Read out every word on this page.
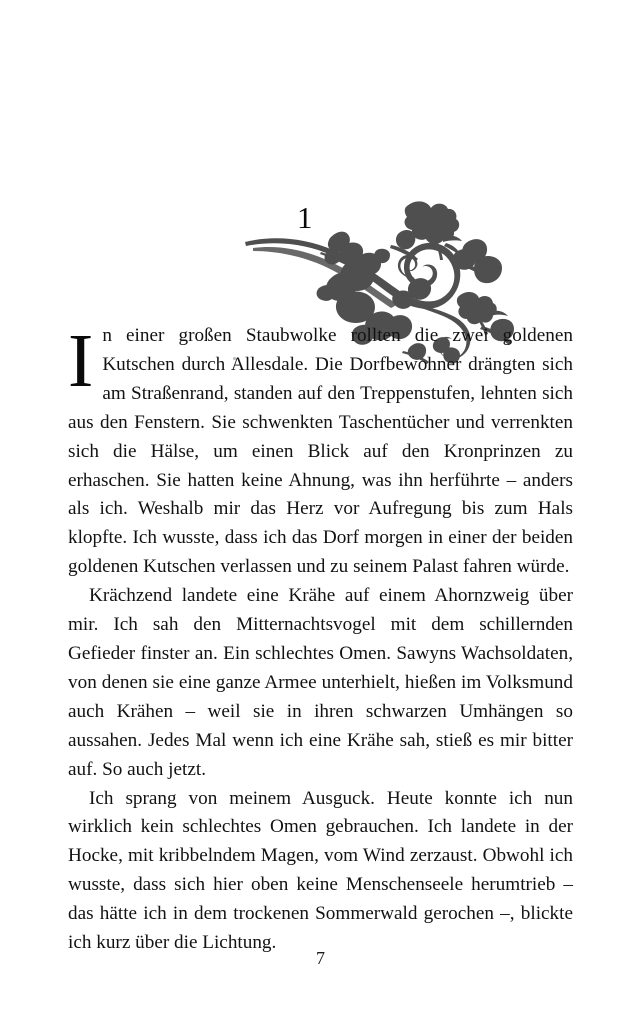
1

In einer großen Staubwolke rollten die zwei goldenen Kutschen durch Allesdale. Die Dorfbewohner drängten sich am Straßenrand, standen auf den Treppenstufen, lehnten sich aus den Fenstern. Sie schwenkten Taschentücher und verrenkten sich die Hälse, um einen Blick auf den Kronprinzen zu erhaschen. Sie hatten keine Ahnung, was ihn herführte – anders als ich. Weshalb mir das Herz vor Aufregung bis zum Hals klopfte. Ich wusste, dass ich das Dorf morgen in einer der beiden goldenen Kutschen verlassen und zu seinem Palast fahren würde.

Krächzend landete eine Krähe auf einem Ahornzweig über mir. Ich sah den Mitternachtsvogel mit dem schillernden Gefieder finster an. Ein schlechtes Omen. Sawyns Wachsoldaten, von denen sie eine ganze Armee unterhielt, hießen im Volksmund auch Krähen – weil sie in ihren schwarzen Umhängen so aussahen. Jedes Mal wenn ich eine Krähe sah, stieß es mir bitter auf. So auch jetzt.

Ich sprang von meinem Ausguck. Heute konnte ich nun wirklich kein schlechtes Omen gebrauchen. Ich landete in der Hocke, mit kribbelndem Magen, vom Wind zerzaust. Obwohl ich wusste, dass sich hier oben keine Menschenseele herumtrieb – das hätte ich in dem trockenen Sommerwald gerochen –, blickte ich kurz über die Lichtung.

7
